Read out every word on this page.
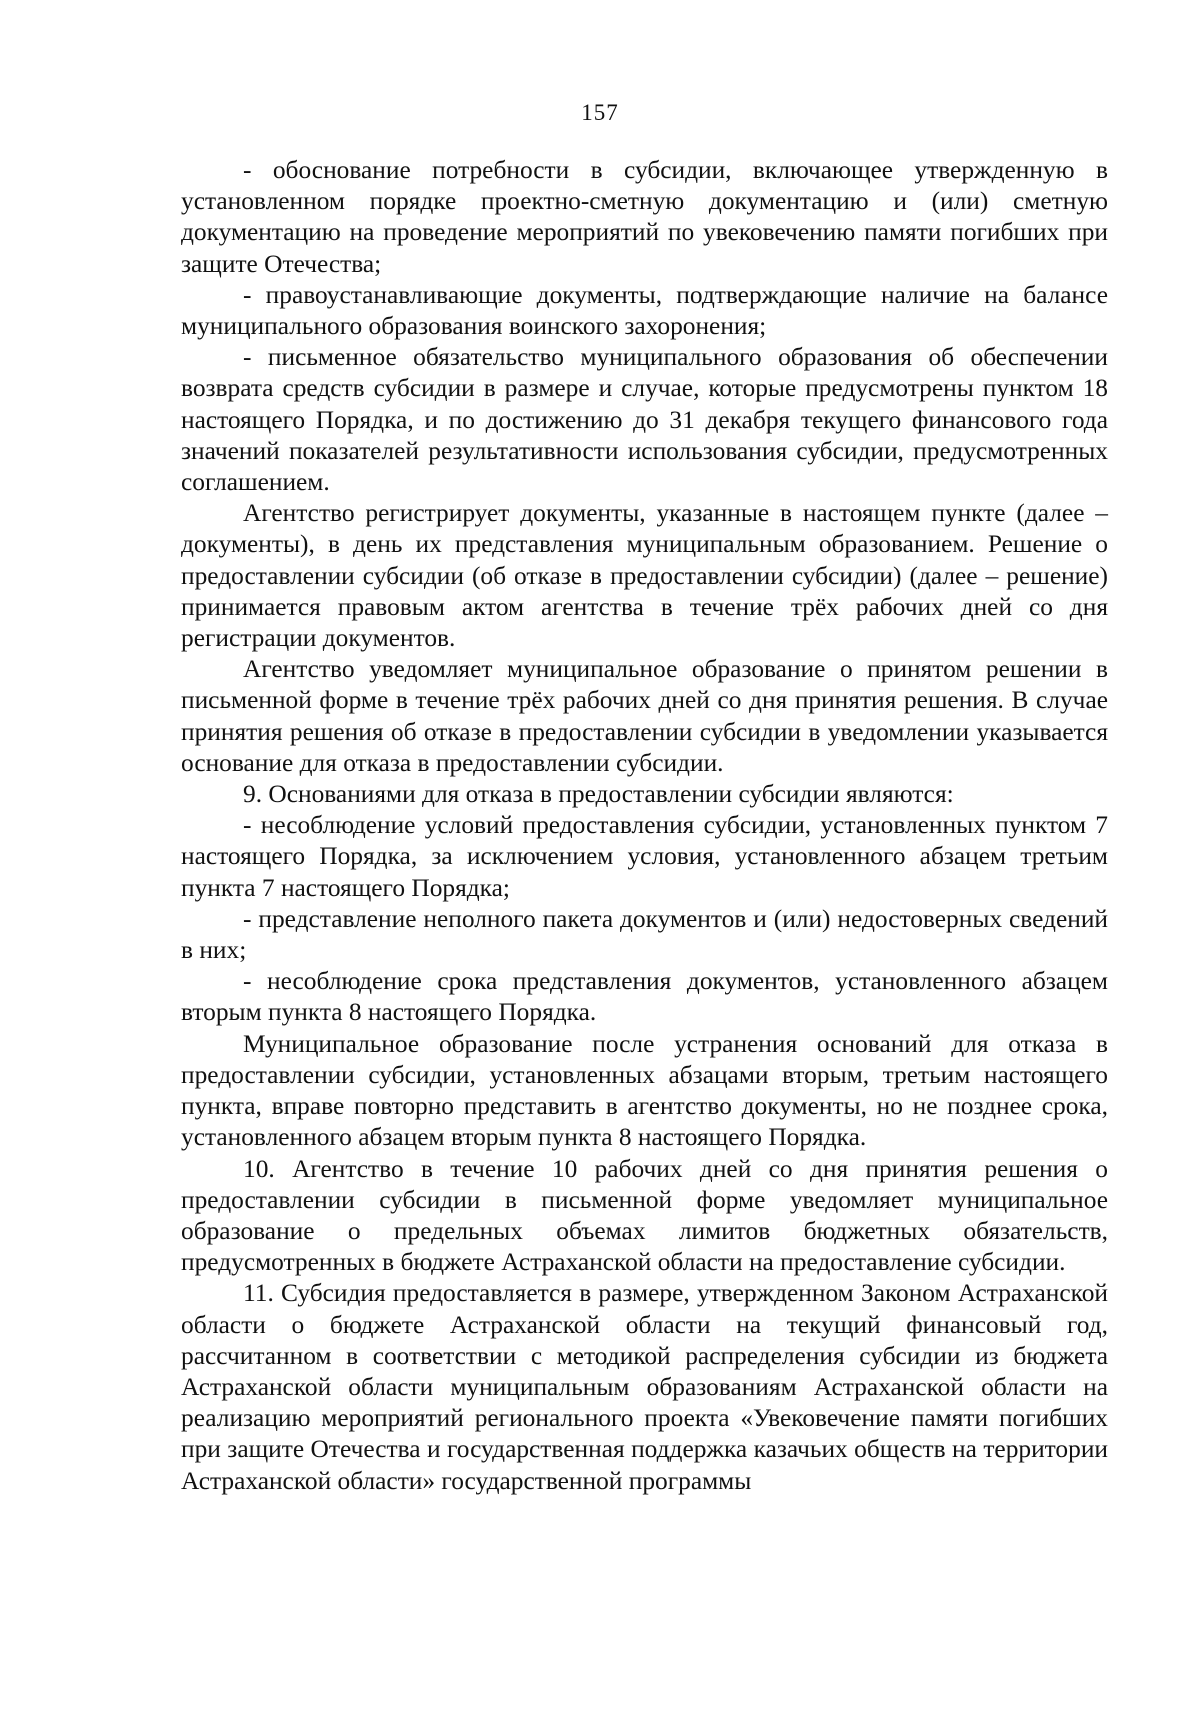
157

- обоснование потребности в субсидии, включающее утвержденную в установленном порядке проектно-сметную документацию и (или) сметную документацию на проведение мероприятий по увековечению памяти погибших при защите Отечества;

- правоустанавливающие документы, подтверждающие наличие на балансе муниципального образования воинского захоронения;

- письменное обязательство муниципального образования об обеспечении возврата средств субсидии в размере и случае, которые предусмотрены пунктом 18 настоящего Порядка, и по достижению до 31 декабря текущего финансового года значений показателей результативности использования субсидии, предусмотренных соглашением.

Агентство регистрирует документы, указанные в настоящем пункте (далее – документы), в день их представления муниципальным образованием. Решение о предоставлении субсидии (об отказе в предоставлении субсидии) (далее – решение) принимается правовым актом агентства в течение трёх рабочих дней со дня регистрации документов.

Агентство уведомляет муниципальное образование о принятом решении в письменной форме в течение трёх рабочих дней со дня принятия решения. В случае принятия решения об отказе в предоставлении субсидии в уведомлении указывается основание для отказа в предоставлении субсидии.

9. Основаниями для отказа в предоставлении субсидии являются:

- несоблюдение условий предоставления субсидии, установленных пунктом 7 настоящего Порядка, за исключением условия, установленного абзацем третьим пункта 7 настоящего Порядка;

- представление неполного пакета документов и (или) недостоверных сведений в них;

- несоблюдение срока представления документов, установленного абзацем вторым пункта 8 настоящего Порядка.

Муниципальное образование после устранения оснований для отказа в предоставлении субсидии, установленных абзацами вторым, третьим настоящего пункта, вправе повторно представить в агентство документы, но не позднее срока, установленного абзацем вторым пункта 8 настоящего Порядка.

10. Агентство в течение 10 рабочих дней со дня принятия решения о предоставлении субсидии в письменной форме уведомляет муниципальное образование о предельных объемах лимитов бюджетных обязательств, предусмотренных в бюджете Астраханской области на предоставление субсидии.

11. Субсидия предоставляется в размере, утвержденном Законом Астраханской области о бюджете Астраханской области на текущий финансовый год, рассчитанном в соответствии с методикой распределения субсидии из бюджета Астраханской области муниципальным образованиям Астраханской области на реализацию мероприятий регионального проекта «Увековечение памяти погибших при защите Отечества и государственная поддержка казачьих обществ на территории Астраханской области» государственной программы
